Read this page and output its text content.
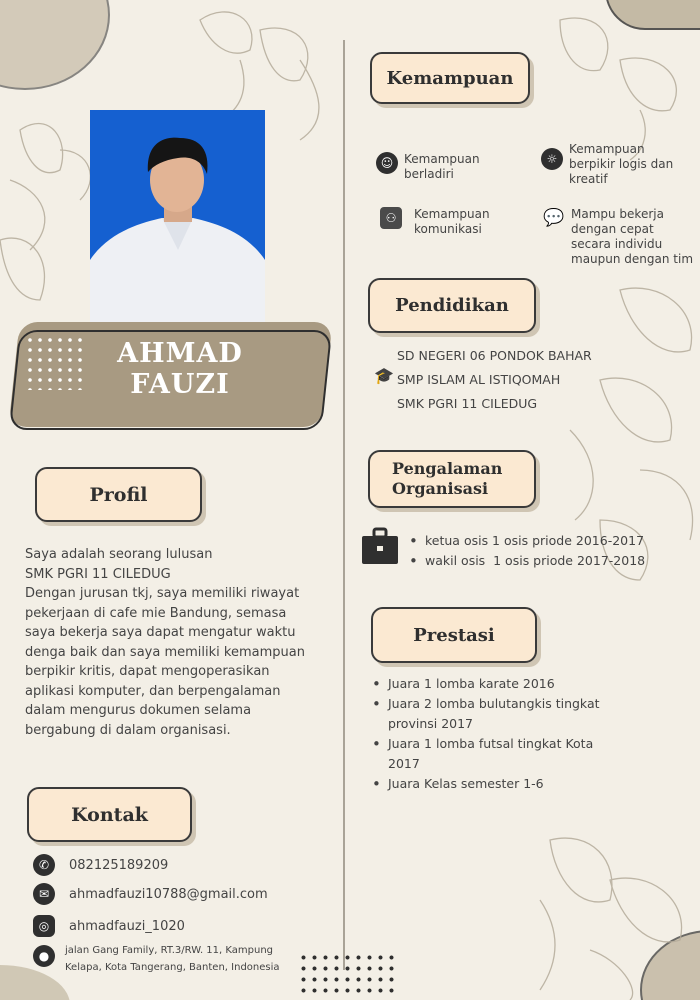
AHMAD
FAUZI
Profil

Saya adalah seorang lulusan
SMK PGRI 11 CILEDUG
Dengan jurusan tkj, saya memiliki riwayat
pekerjaan di cafe mie Bandung, semasa
saya bekerja saya dapat mengatur waktu
denga baik dan saya memiliki kemampuan
berpikir kritis, dapat mengoperasikan
aplikasi komputer, dan berpengalaman
dalam mengurus dokumen selama
bergabung di dalam organisasi.

Kontak
✆	082125189209
✉	ahmadfauzi10788@gmail.com
◎	ahmadfauzi_1020
●	jalan Gang Family, RT.3/RW. 11, Kampung
Kelapa, Kota Tangerang, Banten, Indonesia
Kemampuan
☺ Kemampuan
berladiri
☼
Kemampuan
berpikir logis dan
kreatif
⚇	Kemampuan
komunikasi
💬 Mampu bekerja
dengan cepat
secara individu
maupun dengan tim
Pendidikan
🎓
SD NEGERI 06 PONDOK BAHAR
SMP ISLAM AL ISTIQOMAH
SMK PGRI 11 CILEDUG
Pengalaman
Organisasi
• ketua osis 1 osis priode 2016-2017
• wakil osis  1 osis priode 2017-2018
Prestasi
• Juara 1 lomba karate 2016
• Juara 2 lomba bulutangkis tingkat
provinsi 2017
• Juara 1 lomba futsal tingkat Kota
2017
• Juara Kelas semester 1-6
